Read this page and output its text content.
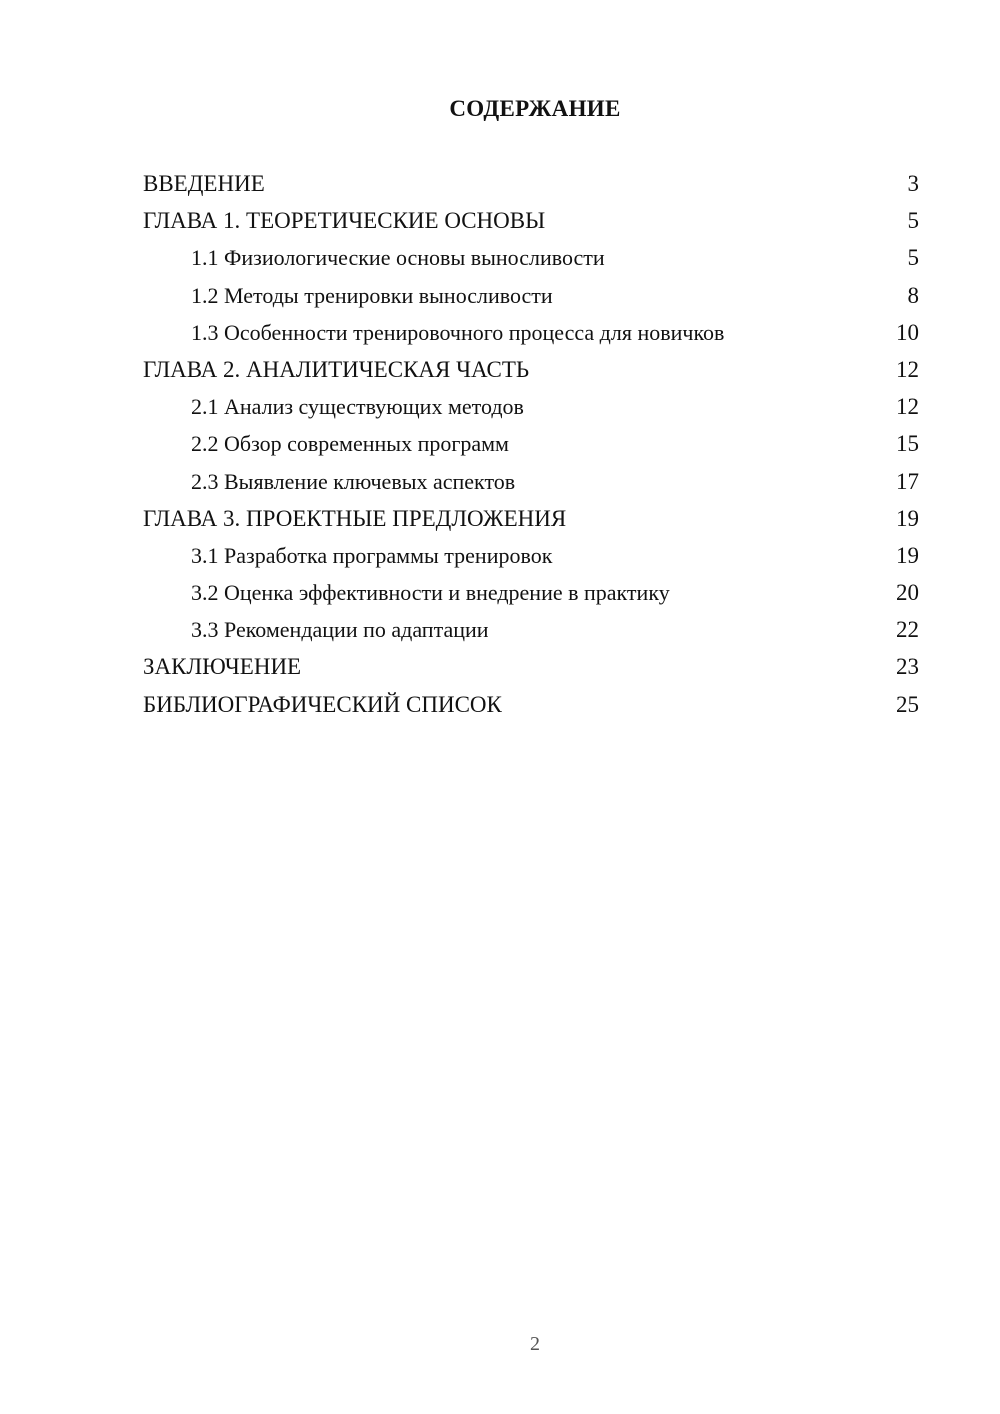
СОДЕРЖАНИЕ
ВВЕДЕНИЕ	3
ГЛАВА 1. ТЕОРЕТИЧЕСКИЕ ОСНОВЫ	5
1.1 Физиологические основы выносливости	5
1.2 Методы тренировки выносливости	8
1.3 Особенности тренировочного процесса для новичков	10
ГЛАВА 2. АНАЛИТИЧЕСКАЯ ЧАСТЬ	12
2.1 Анализ существующих методов	12
2.2 Обзор современных программ	15
2.3 Выявление ключевых аспектов	17
ГЛАВА 3. ПРОЕКТНЫЕ ПРЕДЛОЖЕНИЯ	19
3.1 Разработка программы тренировок	19
3.2 Оценка эффективности и внедрение в практику	20
3.3 Рекомендации по адаптации	22
ЗАКЛЮЧЕНИЕ	23
БИБЛИОГРАФИЧЕСКИЙ СПИСОК	25
2
